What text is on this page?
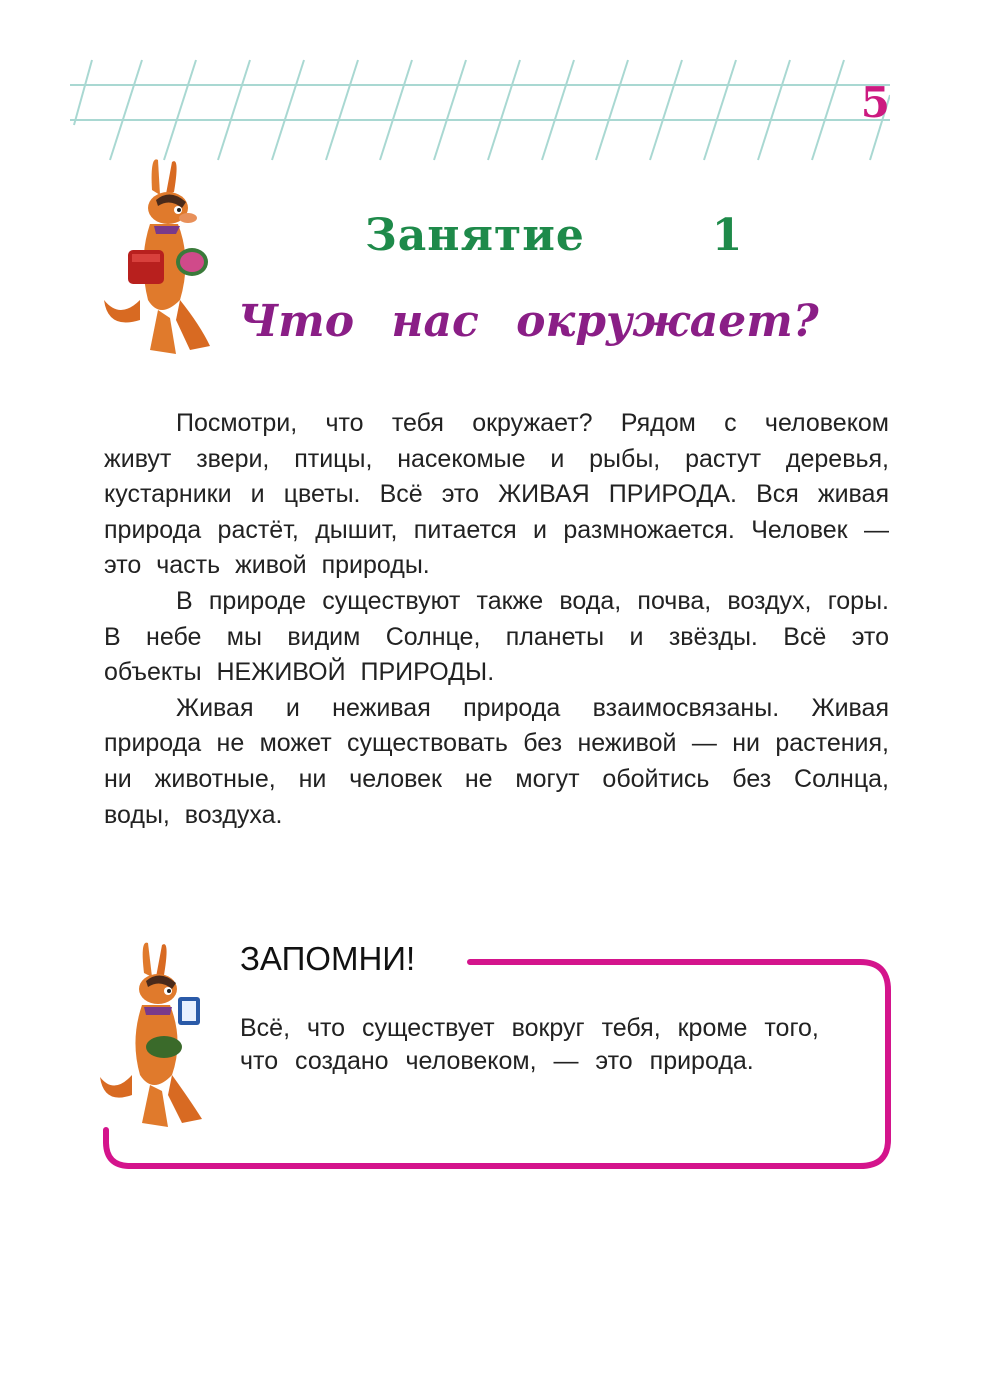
5
Занятие   1
Что нас окружает?

Посмотри, что тебя окружает? Рядом с человеком живут звери, птицы, насекомые и рыбы, растут деревья, кустарники и цветы. Всё это ЖИВАЯ ПРИРОДА. Вся живая природа растёт, дышит, питается и размножается. Человек — это часть живой природы.

В природе существуют также вода, почва, воздух, горы. В небе мы видим Солнце, планеты и звёзды. Всё это объекты НЕЖИВОЙ ПРИРОДЫ.

Живая и неживая природа взаимосвязаны. Живая природа не может существовать без неживой — ни растения, ни животные, ни человек не могут обойтись без Солнца, воды, воздуха.

ЗАПОМНИ!
Всё, что существует вокруг тебя, кроме того, что создано человеком, — это природа.
